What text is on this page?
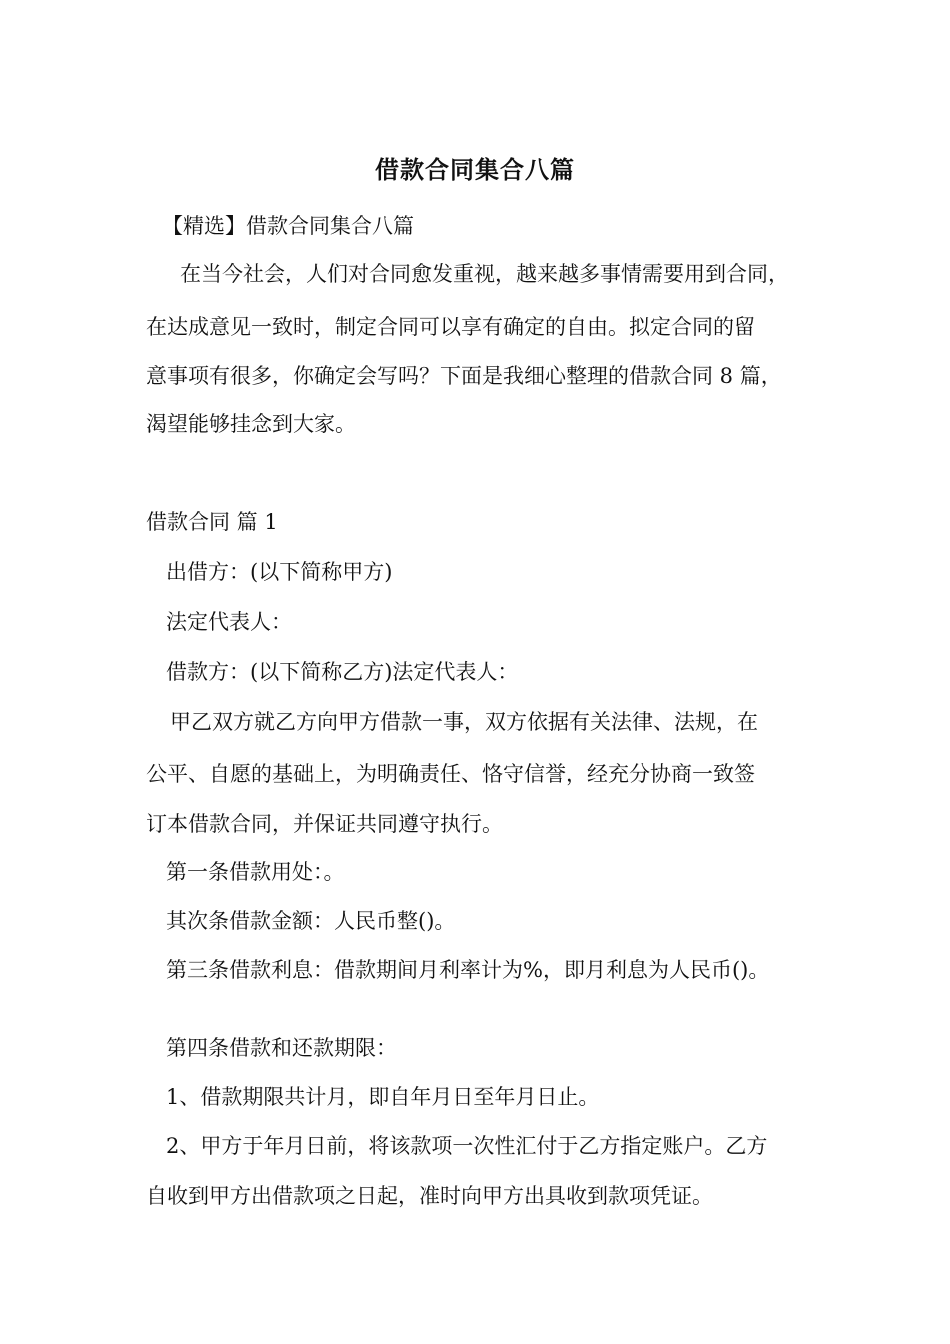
借款合同集合八篇
【精选】借款合同集合八篇
在当今社会，人们对合同愈发重视，越来越多事情需要用到合同，
在达成意见一致时，制定合同可以享有确定的自由。拟定合同的留
意事项有很多，你确定会写吗？下面是我细心整理的借款合同 8 篇，
渴望能够挂念到大家。
借款合同 篇 1
出借方：(以下简称甲方)
法定代表人：
借款方：(以下简称乙方)法定代表人：
甲乙双方就乙方向甲方借款一事，双方依据有关法律、法规，在
公平、自愿的基础上，为明确责任、恪守信誉，经充分协商一致签
订本借款合同，并保证共同遵守执行。
第一条借款用处：。
其次条借款金额：人民币整()。
第三条借款利息：借款期间月利率计为%，即月利息为人民币()。
第四条借款和还款期限：
1、借款期限共计月，即自年月日至年月日止。
2、甲方于年月日前，将该款项一次性汇付于乙方指定账户。乙方
自收到甲方出借款项之日起，准时向甲方出具收到款项凭证。
